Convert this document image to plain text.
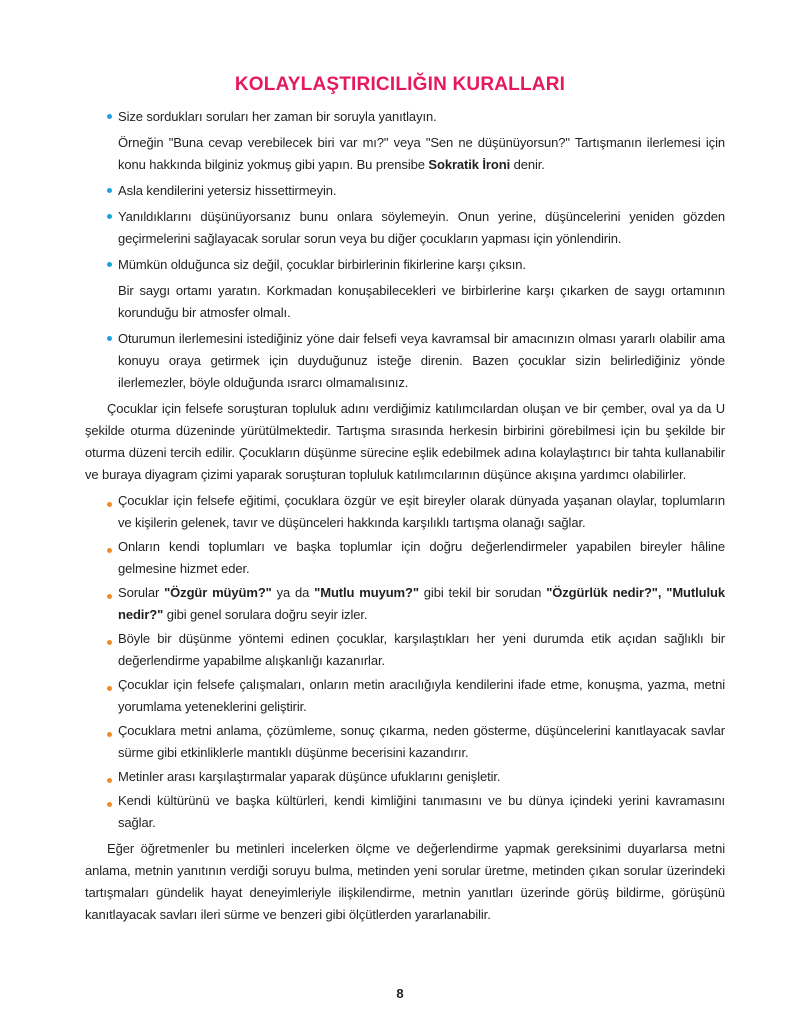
KOLAYLAŞTIRICILIĞIN KURALLARI
Size sordukları soruları her zaman bir soruyla yanıtlayın.
Örneğin "Buna cevap verebilecek biri var mı?" veya "Sen ne düşünüyorsun?" Tartışmanın ilerlemesi için konu hakkında bilginiz yokmuş gibi yapın. Bu prensibe Sokratik İroni denir.
Asla kendilerini yetersiz hissettirmeyin.
Yanıldıklarını düşünüyorsanız bunu onlara söylemeyin. Onun yerine, düşüncelerini yeniden gözden geçirmelerini sağlayacak sorular sorun veya bu diğer çocukların yapması için yönlendirin.
Mümkün olduğunca siz değil, çocuklar birbirlerinin fikirlerine karşı çıksın.
Bir saygı ortamı yaratın. Korkmadan konuşabilecekleri ve birbirlerine karşı çıkarken de saygı ortamının korunduğu bir atmosfer olmalı.
Oturumun ilerlemesini istediğiniz yöne dair felsefi veya kavramsal bir amacınızın olması yararlı olabilir ama konuyu oraya getirmek için duyduğunuz isteğe direnin. Bazen çocuklar sizin belirlediğiniz yönde ilerlemezler, böyle olduğunda ısrarcı olmamalısınız.
Çocuklar için felsefe soruşturan topluluk adını verdiğimiz katılımcılardan oluşan ve bir çember, oval ya da U şekilde oturma düzeninde yürütülmektedir. Tartışma sırasında herkesin birbirini görebilmesi için bu şekilde bir oturma düzeni tercih edilir. Çocukların düşünme sürecine eşlik edebilmek adına kolaylaştırıcı bir tahta kullanabilir ve buraya diyagram çizimi yaparak soruşturan topluluk katılımcılarının düşünce akışına yardımcı olabilirler.
Çocuklar için felsefe eğitimi, çocuklara özgür ve eşit bireyler olarak dünyada yaşanan olaylar, toplumların ve kişilerin gelenek, tavır ve düşünceleri hakkında karşılıklı tartışma olanağı sağlar.
Onların kendi toplumları ve başka toplumlar için doğru değerlendirmeler yapabilen bireyler hâline gelmesine hizmet eder.
Sorular "Özgür müyüm?" ya da "Mutlu muyum?" gibi tekil bir sorudan "Özgürlük nedir?", "Mutluluk nedir?" gibi genel sorulara doğru seyir izler.
Böyle bir düşünme yöntemi edinen çocuklar, karşılaştıkları her yeni durumda etik açıdan sağlıklı bir değerlendirme yapabilme alışkanlığı kazanırlar.
Çocuklar için felsefe çalışmaları, onların metin aracılığıyla kendilerini ifade etme, konuşma, yazma, metni yorumlama yeteneklerini geliştirir.
Çocuklara metni anlama, çözümleme, sonuç çıkarma, neden gösterme, düşüncelerini kanıtlayacak savlar sürme gibi etkinliklerle mantıklı düşünme becerisini kazandırır.
Metinler arası karşılaştırmalar yaparak düşünce ufuklarını genişletir.
Kendi kültürünü ve başka kültürleri, kendi kimliğini tanımasını ve bu dünya içindeki yerini kavramasını sağlar.
Eğer öğretmenler bu metinleri incelerken ölçme ve değerlendirme yapmak gereksinimi duyarlarsa metni anlama, metnin yanıtının verdiği soruyu bulma, metinden yeni sorular üretme, metinden çıkan sorular üzerindeki tartışmaları gündelik hayat deneyimleriyle ilişkilendirme, metnin yanıtları üzerinde görüş bildirme, görüşünü kanıtlayacak savları ileri sürme ve benzeri gibi ölçütlerden yararlanabilir.
8
